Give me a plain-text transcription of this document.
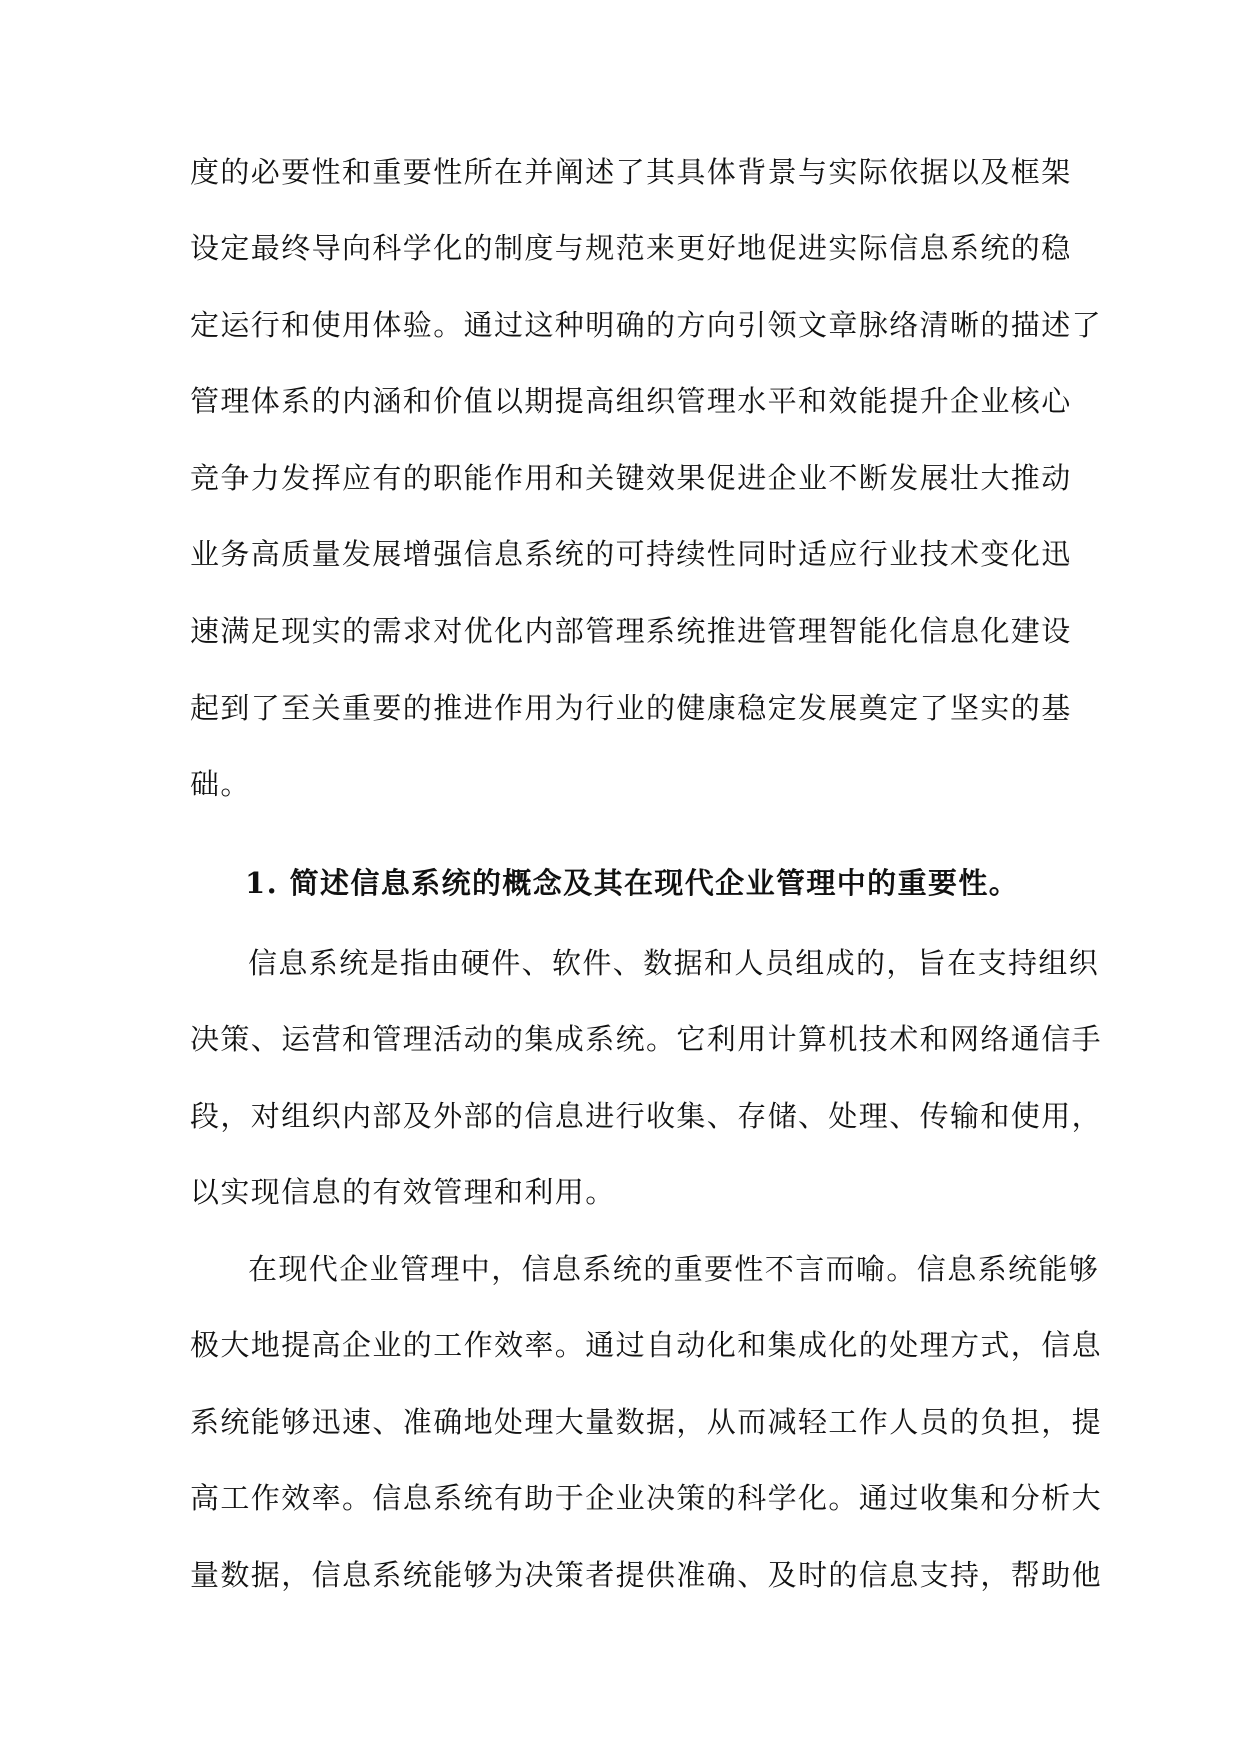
度的必要性和重要性所在并阐述了其具体背景与实际依据以及框架
设定最终导向科学化的制度与规范来更好地促进实际信息系统的稳
定运行和使用体验。通过这种明确的方向引领文章脉络清晰的描述了
管理体系的内涵和价值以期提高组织管理水平和效能提升企业核心
竞争力发挥应有的职能作用和关键效果促进企业不断发展壮大推动
业务高质量发展增强信息系统的可持续性同时适应行业技术变化迅
速满足现实的需求对优化内部管理系统推进管理智能化信息化建设
起到了至关重要的推进作用为行业的健康稳定发展奠定了坚实的基
础。
1. 简述信息系统的概念及其在现代企业管理中的重要性。
信息系统是指由硬件、软件、数据和人员组成的，旨在支持组织
决策、运营和管理活动的集成系统。它利用计算机技术和网络通信手
段，对组织内部及外部的信息进行收集、存储、处理、传输和使用，
以实现信息的有效管理和利用。
在现代企业管理中，信息系统的重要性不言而喻。信息系统能够
极大地提高企业的工作效率。通过自动化和集成化的处理方式，信息
系统能够迅速、准确地处理大量数据，从而减轻工作人员的负担，提
高工作效率。信息系统有助于企业决策的科学化。通过收集和分析大
量数据，信息系统能够为决策者提供准确、及时的信息支持，帮助他
